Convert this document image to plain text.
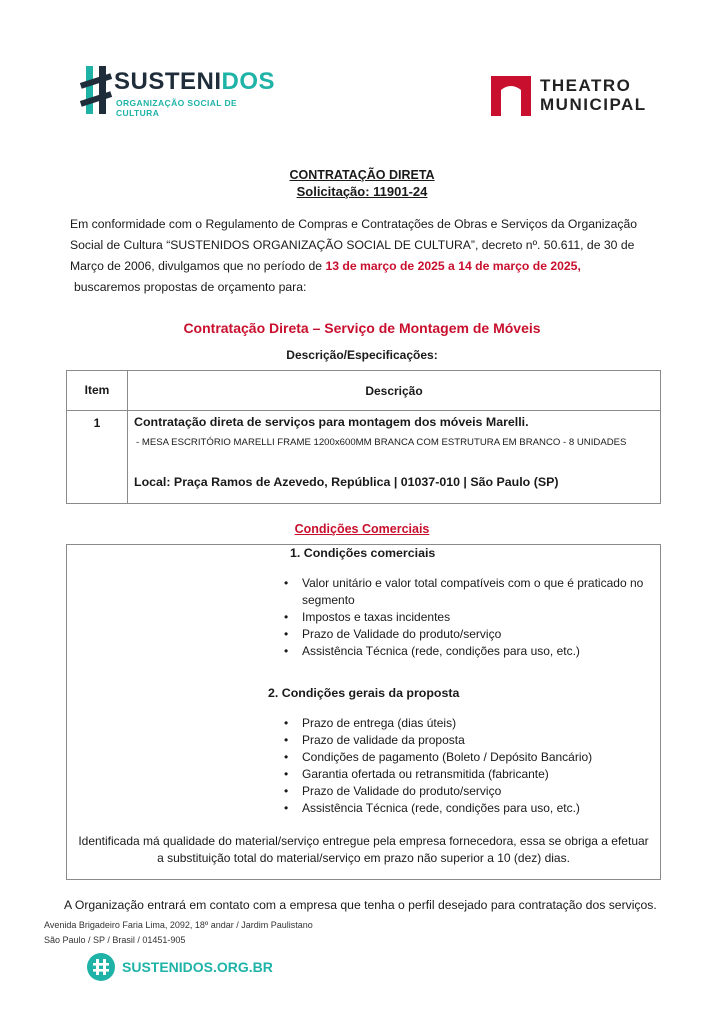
SUSTENIDOS
ORGANIZAÇÃO SOCIAL DE CULTURA
THEATRO
MUNICIPAL
CONTRATAÇÃO DIRETA
Solicitação: 11901-24
Em conformidade com o Regulamento de Compras e Contratações de Obras e Serviços da Organização
Social de Cultura “SUSTENIDOS ORGANIZAÇÃO SOCIAL DE CULTURA”, decreto nº. 50.611, de 30 de
Março de 2006, divulgamos que no período de 13 de março de 2025 a 14 de março de 2025,
buscaremos propostas de orçamento para:
Contratação Direta – Serviço de Montagem de Móveis
Descrição/Especificações:
Item	Descrição
1	Contratação direta de serviços para montagem dos móveis Marelli.
- MESA ESCRITÓRIO MARELLI FRAME 1200x600MM BRANCA COM ESTRUTURA EM BRANCO - 8 UNIDADES
Local: Praça Ramos de Azevedo, República | 01037-010 | São Paulo (SP)
Condições Comerciais
1. Condições comerciais
• Valor unitário e valor total compatíveis com o que é praticado no segmento
• Impostos e taxas incidentes
• Prazo de Validade do produto/serviço
• Assistência Técnica (rede, condições para uso, etc.)
2. Condições gerais da proposta
• Prazo de entrega (dias úteis)
• Prazo de validade da proposta
• Condições de pagamento (Boleto / Depósito Bancário)
• Garantia ofertada ou retransmitida (fabricante)
• Prazo de Validade do produto/serviço
• Assistência Técnica (rede, condições para uso, etc.)
Identificada má qualidade do material/serviço entregue pela empresa fornecedora, essa se obriga a efetuar
a substituição total do material/serviço em prazo não superior a 10 (dez) dias.
A Organização entrará em contato com a empresa que tenha o perfil desejado para contratação dos serviços.
Avenida Brigadeiro Faria Lima, 2092, 18º andar / Jardim Paulistano
São Paulo / SP / Brasil / 01451-905
SUSTENIDOS.ORG.BR
